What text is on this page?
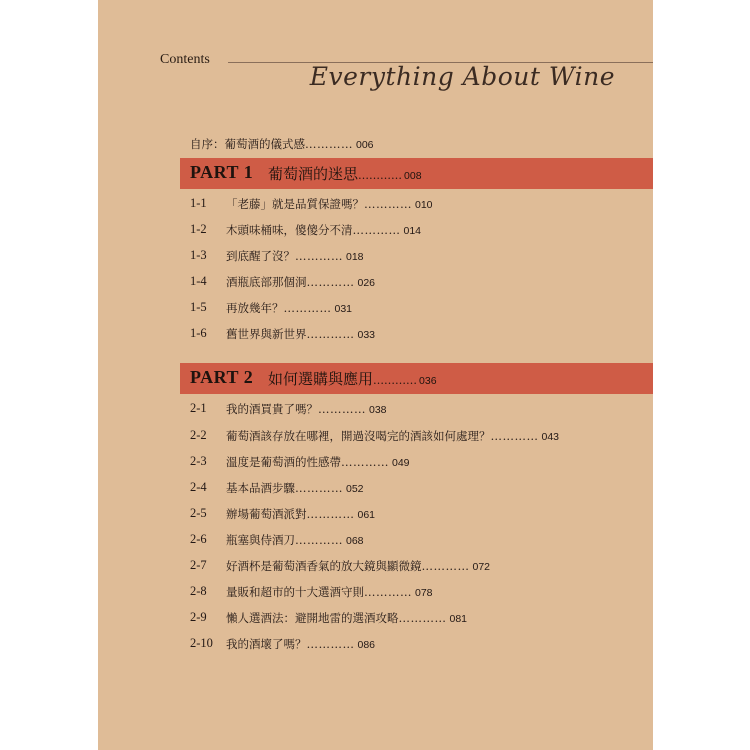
Contents
Everything About Wine
自序：葡萄酒的儀式感………… 006
PART 1 葡萄酒的迷思………… 008
1-1 「老藤」就是品質保證嗎？………… 010
1-2 木頭味桶味，傻傻分不清………… 014
1-3 到底醒了沒？………… 018
1-4 酒瓶底部那個洞………… 026
1-5 再放幾年？………… 031
1-6 舊世界與新世界………… 033
PART 2 如何選購與應用………… 036
2-1 我的酒買貴了嗎？………… 038
2-2 葡萄酒該存放在哪裡，開過沒喝完的酒該如何處理？………… 043
2-3 溫度是葡萄酒的性感帶………… 049
2-4 基本品酒步驟………… 052
2-5 辦場葡萄酒派對………… 061
2-6 瓶塞與侍酒刀………… 068
2-7 好酒杯是葡萄酒香氣的放大鏡與顯微鏡………… 072
2-8 量販和超市的十大選酒守則………… 078
2-9 懶人選酒法：避開地雷的選酒攻略………… 081
2-10 我的酒壞了嗎？………… 086
